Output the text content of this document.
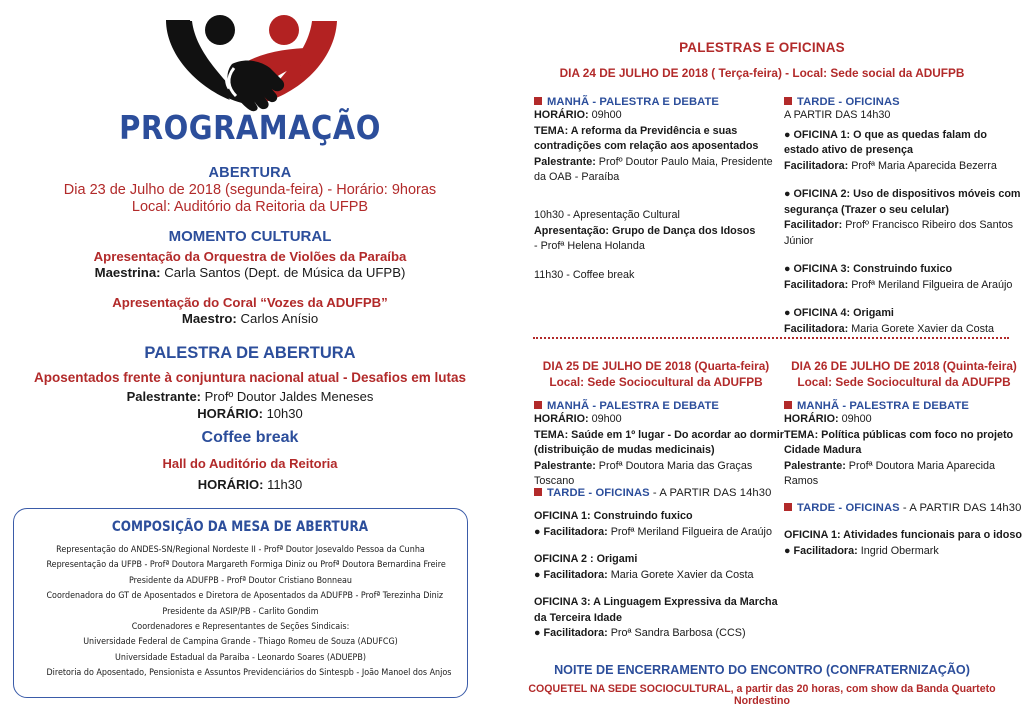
PROGRAMAÇÃO
ABERTURA
Dia 23 de Julho de 2018 (segunda-feira) - Horário: 9horas
Local: Auditório da Reitoria da UFPB
MOMENTO CULTURAL
Apresentação da Orquestra de Violões da Paraíba
Maestrina: Carla Santos (Dept. de Música da UFPB)
Apresentação do Coral “Vozes da ADUFPB”
Maestro: Carlos Anísio
PALESTRA DE ABERTURA
Aposentados frente à conjuntura nacional atual - Desafios em lutas
Palestrante: Profº Doutor Jaldes Meneses
HORÁRIO: 10h30
Coffee break
Hall do Auditório da Reitoria
HORÁRIO: 11h30
COMPOSIÇÃO DA MESA DE ABERTURA
Representação do ANDES-SN/Regional Nordeste II - Profª Doutor Josevaldo Pessoa da Cunha
Representação da UFPB - Profª Doutora Margareth Formiga Diniz ou Profª Doutora Bernardina Freire
Presidente da ADUFPB - Profª Doutor Cristiano Bonneau
Coordenadora do GT de Aposentados e Diretora de Aposentados da ADUFPB - Profª Terezinha Diniz
Presidente da ASIP/PB - Carlito Gondim
Coordenadores e Representantes de Seções Sindicais:
Universidade Federal de Campina Grande - Thiago Romeu de Souza (ADUFCG)
Universidade Estadual da Paraíba - Leonardo Soares (ADUEPB)
Diretoria do Aposentado, Pensionista e Assuntos Previdenciários do Sintespb - João Manoel dos Anjos
PALESTRAS E OFICINAS
DIA 24 DE JULHO DE 2018 ( Terça-feira) - Local: Sede social da ADUFPB
MANHÃ - PALESTRA E DEBATE
HORÁRIO: 09h00
TEMA: A reforma da Previdência e suas contradições com relação aos aposentados
Palestrante: Profº Doutor Paulo Maia, Presidente da OAB - Paraíba
10h30 - Apresentação Cultural
Apresentação: Grupo de Dança dos Idosos
- Profª Helena Holanda
11h30 - Coffee break
TARDE - OFICINAS
A PARTIR DAS 14h30
● OFICINA 1: O que as quedas falam do estado ativo de presença
Facilitadora: Profª Maria Aparecida Bezerra
● OFICINA 2: Uso de dispositivos móveis com segurança (Trazer o seu celular)
Facilitador: Profº Francisco Ribeiro dos Santos Júnior
● OFICINA 3: Construindo fuxico
Facilitadora: Profª Meriland Filgueira de Araújo
● OFICINA 4: Origami
Facilitadora: Maria Gorete Xavier da Costa
DIA 25 DE JULHO DE 2018 (Quarta-feira)
Local: Sede Sociocultural da ADUFPB
DIA 26 DE JULHO DE 2018 (Quinta-feira)
Local: Sede Sociocultural da ADUFPB
MANHÃ - PALESTRA E DEBATE
HORÁRIO: 09h00
TEMA: Saúde em 1º lugar - Do acordar ao dormir (distribuição de mudas medicinais)
Palestrante: Profª Doutora Maria das Graças Toscano
TARDE - OFICINAS - A PARTIR DAS 14h30
OFICINA 1: Construindo fuxico
● Facilitadora: Profª Meriland Filgueira de Araújo
OFICINA 2 : Origami
● Facilitadora: Maria Gorete Xavier da Costa
OFICINA 3: A Linguagem Expressiva da Marcha da Terceira Idade
● Facilitadora: Proª Sandra Barbosa (CCS)
MANHÃ - PALESTRA E DEBATE
HORÁRIO: 09h00
TEMA: Política públicas com foco no projeto Cidade Madura
Palestrante: Profª Doutora Maria Aparecida Ramos
TARDE - OFICINAS - A PARTIR DAS 14h30
OFICINA 1: Atividades funcionais para o idoso
● Facilitadora: Ingrid Obermark
NOITE DE ENCERRAMENTO DO ENCONTRO (CONFRATERNIZAÇÃO)
COQUETEL NA SEDE SOCIOCULTURAL, a partir das 20 horas, com show da Banda Quarteto Nordestino
